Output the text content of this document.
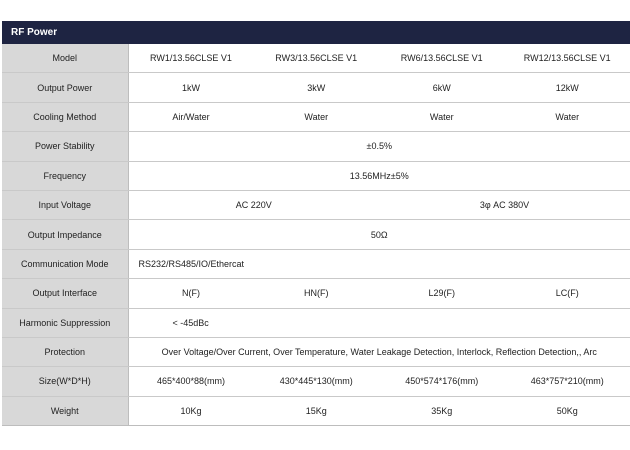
RF Power
Model	RW1/13.56CLSE V1	RW3/13.56CLSE V1	RW6/13.56CLSE V1	RW12/13.56CLSE V1
Output Power	1kW	3kW	6kW	12kW
Cooling Method	Air/Water	Water	Water	Water
Power Stability	±0.5%			
Frequency	13.56MHz±5%			
Input Voltage	AC 220V		3φ AC 380V	
Output Impedance	50Ω			
Communication Mode	RS232/RS485/IO/Ethercat			
Output Interface	N(F)	HN(F)	L29(F)	LC(F)
Harmonic Suppression	< -45dBc			
Protection	Over Voltage/Over Current, Over Temperature, Water Leakage Detection, Interlock, Reflection Detection,, Arc			
Size(W*D*H)	465*400*88(mm)	430*445*130(mm)	450*574*176(mm)	463*757*210(mm)
Weight	10Kg	15Kg	35Kg	50Kg
